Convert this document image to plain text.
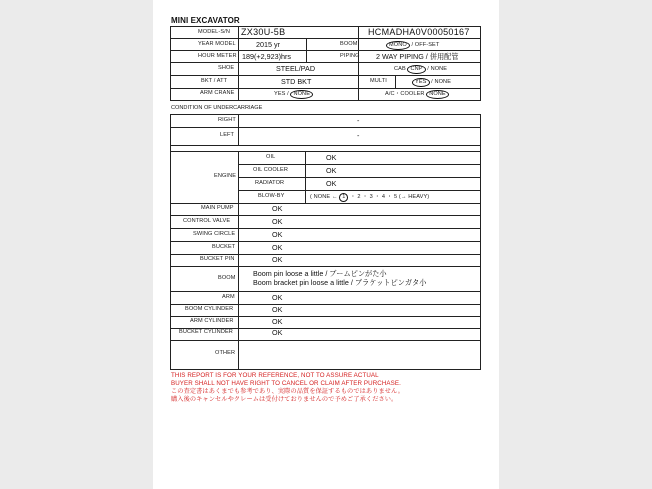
MINI EXCAVATOR
MODEL-S/N ZX30U-5B	HCMADHA0V00050167
YEAR MODEL	2015 yr	BOOM	MONO / OFF-SET
HOUR METER 189(+2,923)hrs	PIPING 2 WAY PIPING / 併用配管
SHOE	STEEL/PAD	CAB CNP / NONE
BKT / ATT	STD BKT	MULTI	YES / NONE
ARM CRANE	YES / NONE	A/C・COOLER NONE
CONDITION OF UNDERCARRIAGE
RIGHT	-
LEFT	-
ENGINE
OIL	OK
OIL COOLER	OK
RADIATOR	OK
BLOW-BY	( NONE ← 1 ・ 2 ・ 3 ・ 4 ・ 5 (→ HEAVY)
MAIN PUMP	OK
CONTROL VALVE	OK
SWING CIRCLE	OK
BUCKET	OK
BUCKET PIN	OK
BOOM Boom pin loose a little / ブームピンがた小
Boom bracket pin loose a little / ブラケットピンガタ小
ARM	OK
BOOM CYLINDER	OK
ARM CYLINDER	OK
BUCKET CYLINDER	OK
OTHER
THIS REPORT IS FOR YOUR REFERENCE, NOT TO ASSURE ACTUAL
BUYER SHALL NOT HAVE RIGHT TO CANCEL OR CLAIM AFTER PURCHASE.
この査定書はあくまでも参考であり、実際の品質を保証するものではありません。
購入後のキャンセルやクレームは受付けておりませんので予めご了承ください。
